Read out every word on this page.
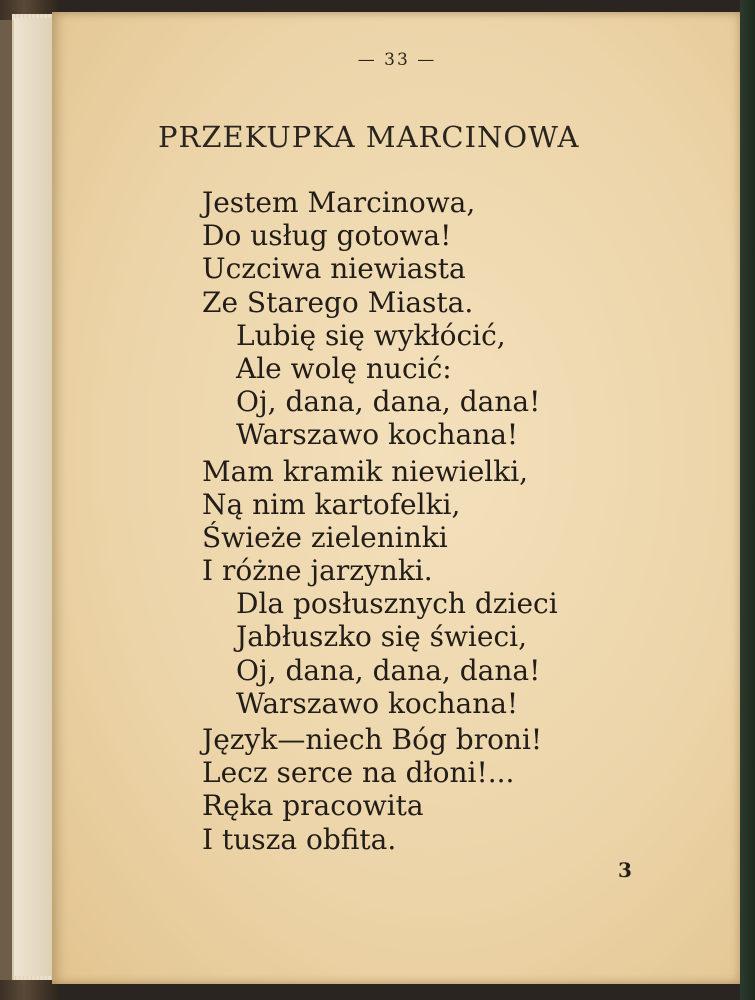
— 33 —
PRZEKUPKA MARCINOWA
Jestem Marcinowa,
Do usług gotowa!
Uczciwa niewiasta
Ze Starego Miasta.
Lubię się wykłócić,
Ale wolę nucić:
Oj, dana, dana, dana!
Warszawo kochana!
Mam kramik niewielki,
Ną nim kartofelki,
Świeże zieleninki
I różne jarzynki.
Dla posłusznych dzieci
Jabłuszko się świeci,
Oj, dana, dana, dana!
Warszawo kochana!
Język—niech Bóg broni!
Lecz serce na dłoni!...
Ręka pracowita
I tusza obfita.
3
